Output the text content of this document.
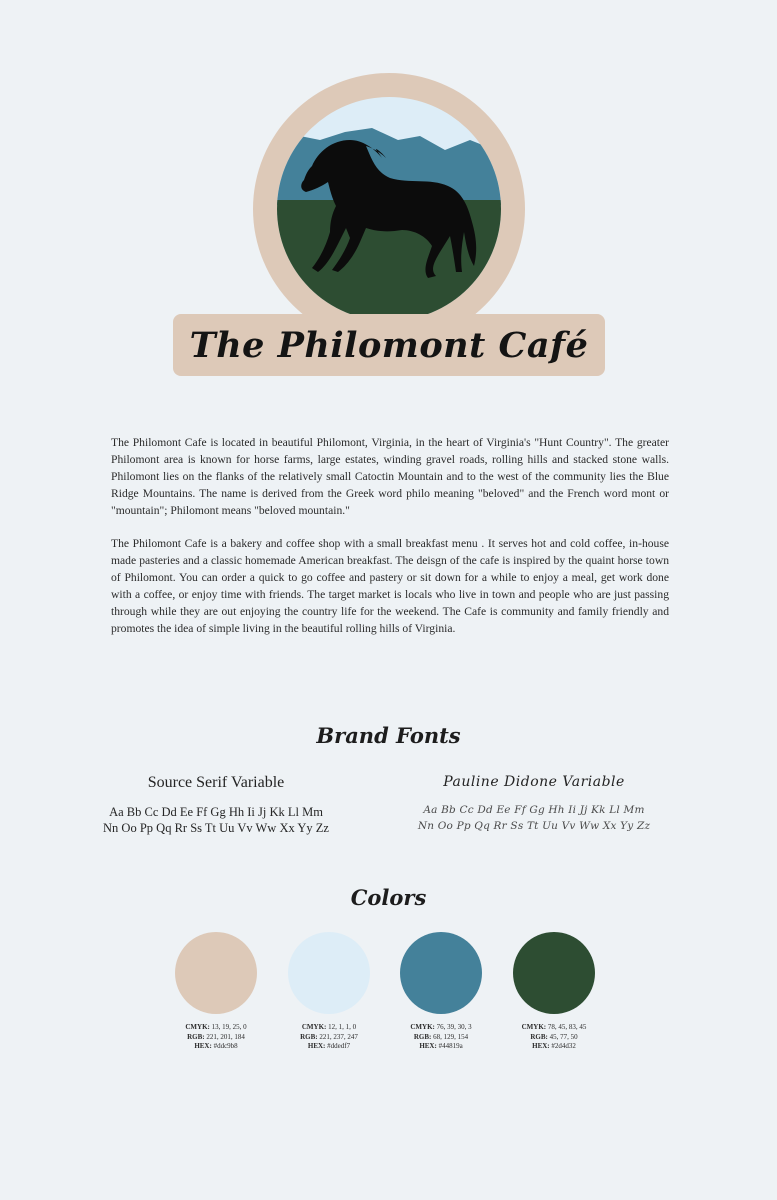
The Philomont Café

The Philomont Cafe is located in beautiful Philomont, Virginia, in the heart of Virginia's "Hunt Country". The greater Philomont area is known for horse farms, large estates, winding gravel roads, rolling hills and stacked stone walls. Philomont lies on the flanks of the relatively small Catoctin Mountain and to the west of the community lies the Blue Ridge Mountains. The name is derived from the Greek word philo meaning "beloved" and the French word mont or "mountain"; Philomont means "beloved mountain."

The Philomont Cafe is a bakery and coffee shop with a small breakfast menu . It serves hot and cold coffee, in-house made pasteries and a classic homemade American breakfast. The deisgn of the cafe is inspired by the quaint horse town of Philomont. You can order a quick to go coffee and pastery or sit down for a while to enjoy a meal, get work done with a coffee, or enjoy time with friends. The target market is locals who live in town and people who are just passing through while they are out enjoying the country life for the weekend. The Cafe is community and family friendly and promotes the idea of simple living in the beautiful rolling hills of Virginia.

Brand Fonts
Source Serif Variable
Aa Bb Cc Dd Ee Ff Gg Hh Ii Jj Kk Ll Mm
Nn Oo Pp Qq Rr Ss Tt Uu Vv Ww Xx Yy Zz
Pauline Didone Variable
Aa Bb Cc Dd Ee Ff Gg Hh Ii Jj Kk Ll Mm
Nn Oo Pp Qq Rr Ss Tt Uu Vv Ww Xx Yy Zz
Colors
CMYK: 13, 19, 25, 0
RGB: 221, 201, 184
HEX: #ddc9b8
CMYK: 12, 1, 1, 0
RGB: 221, 237, 247
HEX: #ddedf7
CMYK: 76, 39, 30, 3
RGB: 68, 129, 154
HEX: #44819a
CMYK: 78, 45, 83, 45
RGB: 45, 77, 50
HEX: #2d4d32
